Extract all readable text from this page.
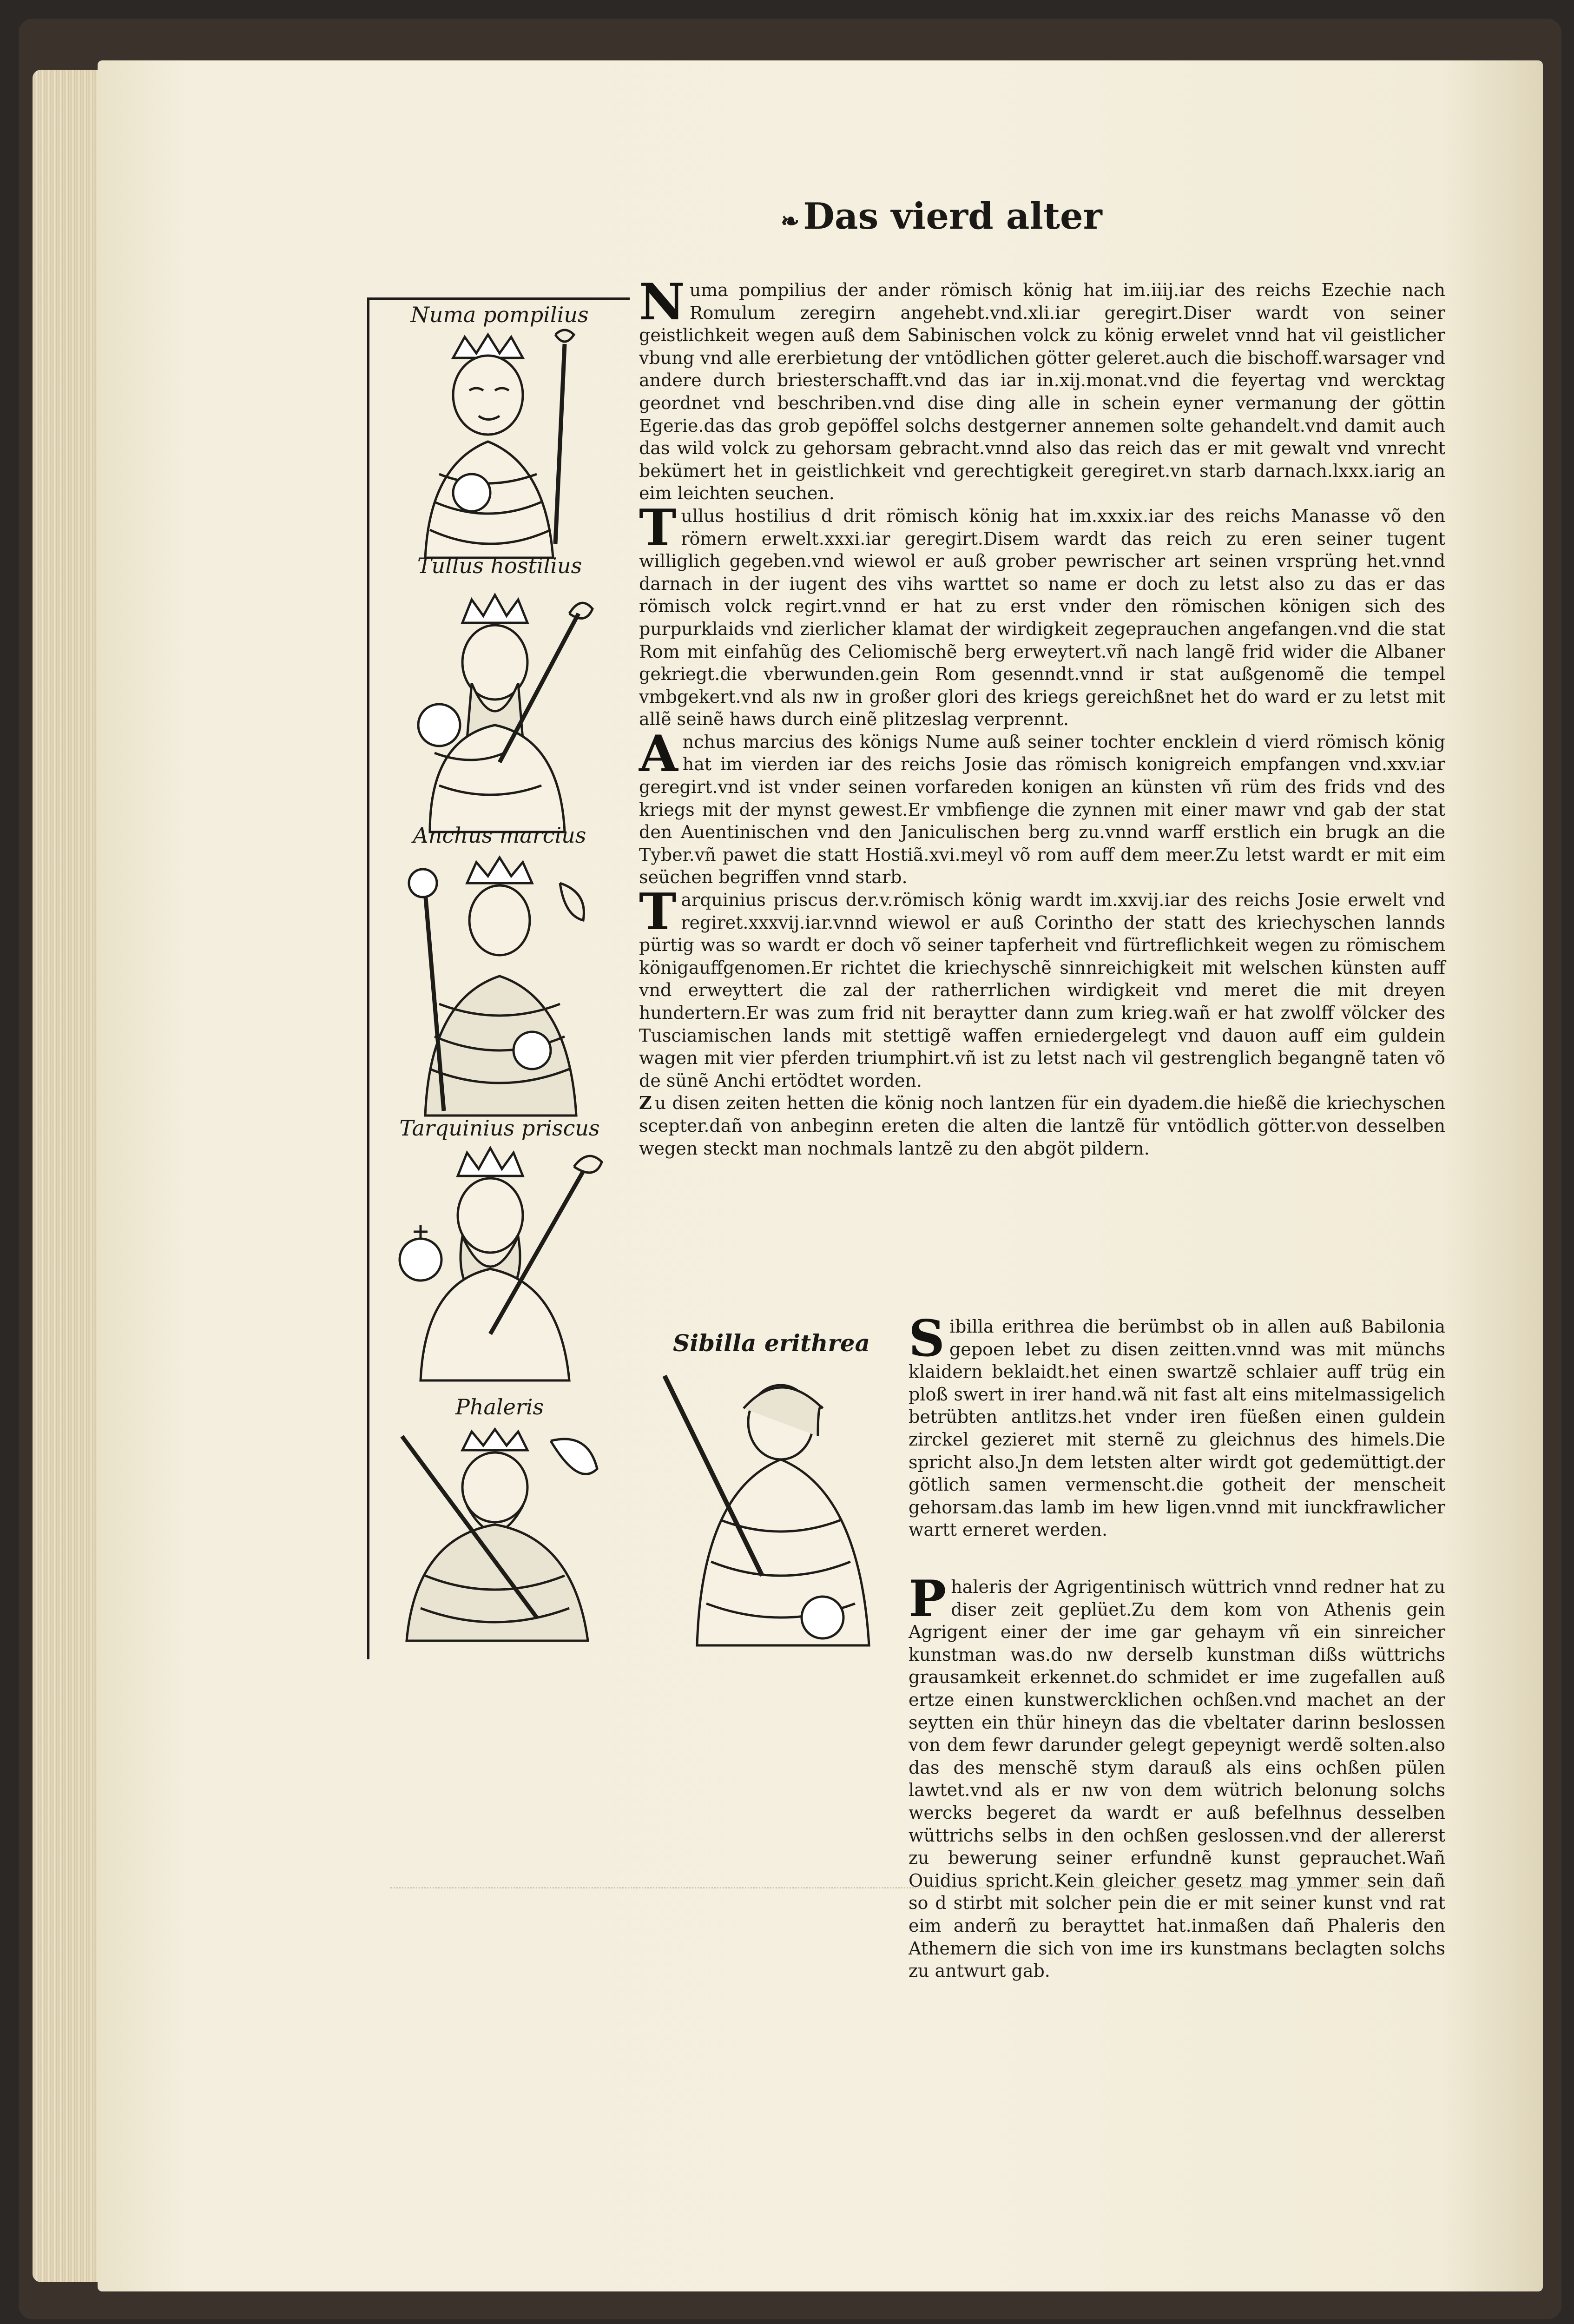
❧ Das vierd alter
Numa pompilius
Tullus hostilius
Anchus marcius
Tarquinius priscus
Phaleris

Numa pompilius der ander römisch könig hat im.iiij.iar des reichs Ezechie nach Romulum zeregirn angehebt.vnd.xli.iar geregirt.Diser wardt von seiner geistlichkeit wegen auß dem Sabinischen volck zu könig erwelet vnnd hat vil geistlicher vbung vnd alle ererbietung der vntödlichen götter geleret.auch die bischoff.warsager vnd andere durch briesterschafft.vnd das iar in.xij.monat.vnd die feyertag vnd wercktag geordnet vnd beschriben.vnd dise ding alle in schein eyner vermanung der göttin Egerie.das das grob gepöffel solchs destgerner annemen solte gehandelt.vnd damit auch das wild volck zu gehorsam gebracht.vnnd also das reich das er mit gewalt vnd vnrecht bekümert het in geistlichkeit vnd gerechtigkeit geregiret.vn starb darnach.lxxx.iarig an eim leichten seuchen.

Tullus hostilius d drit römisch könig hat im.xxxix.iar des reichs Manasse võ den römern erwelt.xxxi.iar geregirt.Disem wardt das reich zu eren seiner tugent williglich gegeben.vnd wiewol er auß grober pewrischer art seinen vrsprüng het.vnnd darnach in der iugent des vihs warttet so name er doch zu letst also zu das er das römisch volck regirt.vnnd er hat zu erst vnder den römischen königen sich des purpurklaids vnd zierlicher klamat der wirdigkeit zegeprauchen angefangen.vnd die stat Rom mit einfahũg des Celiomischẽ berg erweytert.vñ nach langẽ frid wider die Albaner gekriegt.die vberwunden.gein Rom gesenndt.vnnd ir stat außgenomẽ die tempel vmbgekert.vnd als nw in großer glori des kriegs gereichßnet het do ward er zu letst mit allẽ seinẽ haws durch einẽ plitzeslag verprennt.

Anchus marcius des königs Nume auß seiner tochter encklein d vierd römisch könig hat im vierden iar des reichs Josie das römisch konigreich empfangen vnd.xxv.iar geregirt.vnd ist vnder seinen vorfareden konigen an künsten vñ rüm des frids vnd des kriegs mit der mynst gewest.Er vmbfienge die zynnen mit einer mawr vnd gab der stat den Auentinischen vnd den Janiculischen berg zu.vnnd warff erstlich ein brugk an die Tyber.vñ pawet die statt Hostiã.xvi.meyl võ rom auff dem meer.Zu letst wardt er mit eim seüchen begriffen vnnd starb.

Tarquinius priscus der.v.römisch könig wardt im.xxvij.iar des reichs Josie erwelt vnd regiret.xxxvij.iar.vnnd wiewol er auß Corintho der statt des kriechyschen lannds pürtig was so wardt er doch võ seiner tapferheit vnd fürtreflichkeit wegen zu römischem königauffgenomen.Er richtet die kriechyschẽ sinnreichigkeit mit welschen künsten auff vnd erweyttert die zal der ratherrlichen wirdigkeit vnd meret die mit dreyen hundertern.Er was zum frid nit beraytter dann zum krieg.wañ er hat zwolff völcker des Tusciamischen lands mit stettigẽ waffen erniedergelegt vnd dauon auff eim guldein wagen mit vier pferden triumphirt.vñ ist zu letst nach vil gestrenglich begangnẽ taten võ de sünẽ Anchi ertödtet worden.

Z u disen zeiten hetten die könig noch lantzen für ein dyadem.die hießẽ die kriechyschen scepter.dañ von anbeginn ereten die alten die lantzẽ für vntödlich götter.von desselben wegen steckt man nochmals lantzẽ zu den abgöt pildern.

Sibilla erithrea Sibilla erithrea die berümbst ob in allen auß Babilonia gepoen lebet zu disen zeitten.vnnd was mit münchs klaidern beklaidt.het einen swartzẽ schlaier auff trüg ein ploß swert in irer hand.wã nit fast alt eins mitelmassigelich betrübten antlitzs.het vnder iren füeßen einen guldein zirckel gezieret mit sternẽ zu gleichnus des himels.Die spricht also.Jn dem letsten alter wirdt got gedemüttigt.der götlich samen vermenscht.die gotheit der menscheit gehorsam.das lamb im hew ligen.vnnd mit iunckfrawlicher wartt erneret werden.

Phaleris der Agrigentinisch wüttrich vnnd redner hat zu diser zeit geplüet.Zu dem kom von Athenis gein Agrigent einer der ime gar gehaym vñ ein sinreicher kunstman was.do nw derselb kunstman dißs wüttrichs grausamkeit erkennet.do schmidet er ime zugefallen auß ertze einen kunstwercklichen ochßen.vnd machet an der seytten ein thür hineyn das die vbeltater darinn beslossen von dem fewr darunder gelegt gepeynigt werdẽ solten.also das des menschẽ stym darauß als eins ochßen pülen lawtet.vnd als er nw von dem wütrich belonung solchs wercks begeret da wardt er auß befelhnus desselben wüttrichs selbs in den ochßen geslossen.vnd der allererst zu bewerung seiner erfundnẽ kunst geprauchet.Wañ Ouidius spricht.Kein gleicher gesetz mag ymmer sein dañ so d stirbt mit solcher pein die er mit seiner kunst vnd rat eim anderñ zu berayttet hat.inmaßen dañ Phaleris den Athemern die sich von ime irs kunstmans beclagten solchs zu antwurt gab.
